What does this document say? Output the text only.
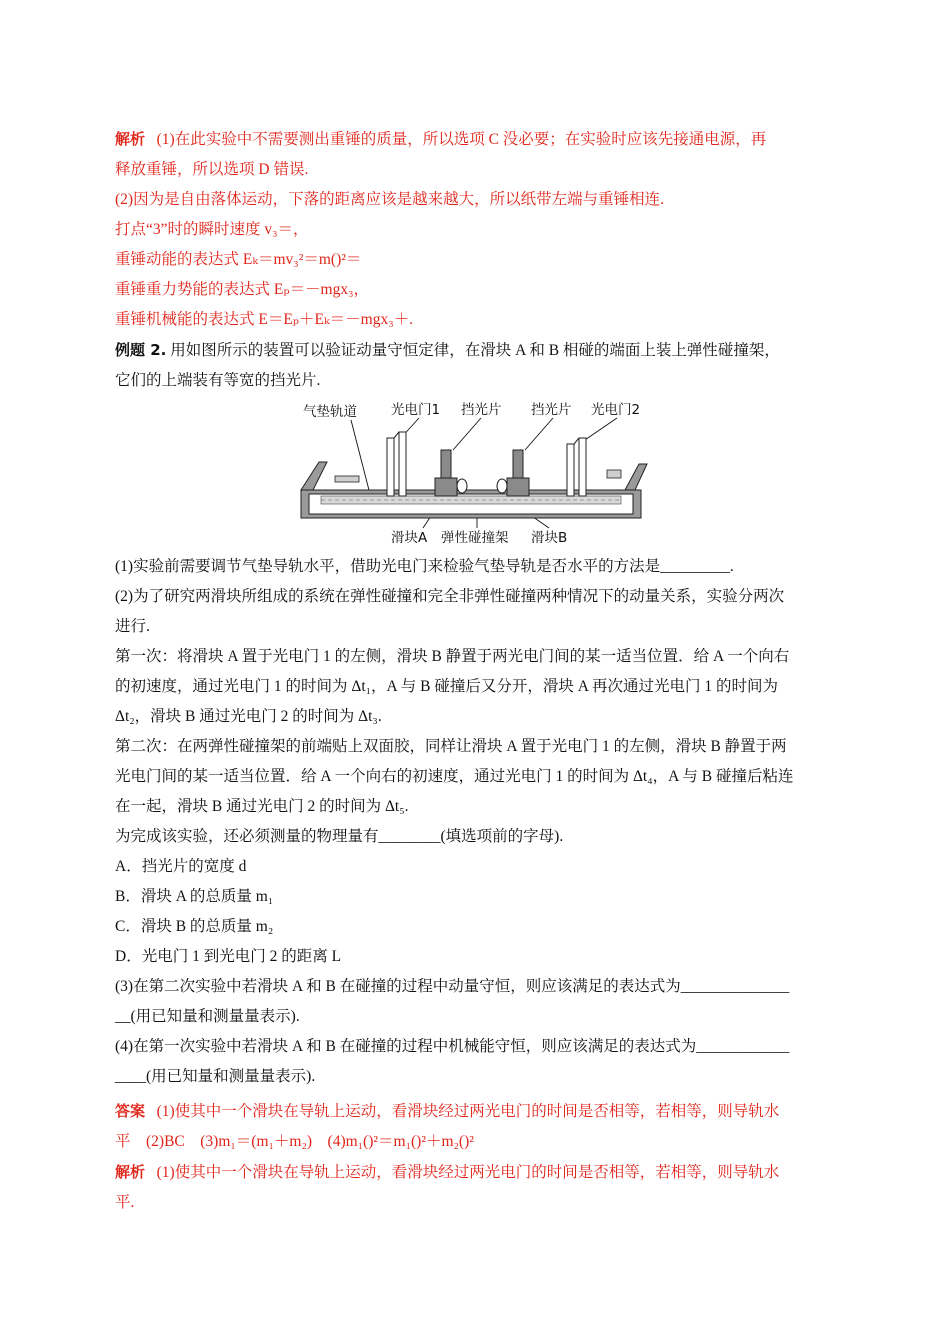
解析 (1)在此实验中不需要测出重锤的质量，所以选项 C 没必要；在实验时应该先接通电源，再

释放重锤，所以选项 D 错误.

(2)因为是自由落体运动，下落的距离应该是越来越大，所以纸带左端与重锤相连.

打点“3”时的瞬时速度 v₃＝，

重锤动能的表达式 Eₖ＝mv₃²＝m()²＝

重锤重力势能的表达式 Eₚ＝－mgx₃，

重锤机械能的表达式 E＝Eₚ＋Eₖ＝－mgx₃＋.

例题 2. 用如图所示的装置可以验证动量守恒定律，在滑块 A 和 B 相碰的端面上装上弹性碰撞架，

它们的上端装有等宽的挡光片.

气垫轨道	光电门1 挡光片 挡光片 光电门2
滑块A 弹性碰撞架 滑块B

(1)实验前需要调节气垫导轨水平，借助光电门来检验气垫导轨是否水平的方法是_________.

(2)为了研究两滑块所组成的系统在弹性碰撞和完全非弹性碰撞两种情况下的动量关系，实验分两次

进行.

第一次：将滑块 A 置于光电门 1 的左侧，滑块 B 静置于两光电门间的某一适当位置．给 A 一个向右

的初速度，通过光电门 1 的时间为 Δt₁，A 与 B 碰撞后又分开，滑块 A 再次通过光电门 1 的时间为

Δt₂，滑块 B 通过光电门 2 的时间为 Δt₃.

第二次：在两弹性碰撞架的前端贴上双面胶，同样让滑块 A 置于光电门 1 的左侧，滑块 B 静置于两

光电门间的某一适当位置．给 A 一个向右的初速度，通过光电门 1 的时间为 Δt₄，A 与 B 碰撞后粘连

在一起，滑块 B 通过光电门 2 的时间为 Δt₅.

为完成该实验，还必须测量的物理量有________(填选项前的字母).

A．挡光片的宽度 d

B．滑块 A 的总质量 m₁

C．滑块 B 的总质量 m₂

D．光电门 1 到光电门 2 的距离 L

(3)在第二次实验中若滑块 A 和 B 在碰撞的过程中动量守恒，则应该满足的表达式为______________

__(用已知量和测量量表示).

(4)在第一次实验中若滑块 A 和 B 在碰撞的过程中机械能守恒，则应该满足的表达式为____________

____(用已知量和测量量表示).

答案 (1)使其中一个滑块在导轨上运动，看滑块经过两光电门的时间是否相等，若相等，则导轨水

平　(2)BC　(3)m₁＝(m₁＋m₂)　(4)m₁()²＝m₁()²＋m₂()²

解析 (1)使其中一个滑块在导轨上运动，看滑块经过两光电门的时间是否相等，若相等，则导轨水

平.
